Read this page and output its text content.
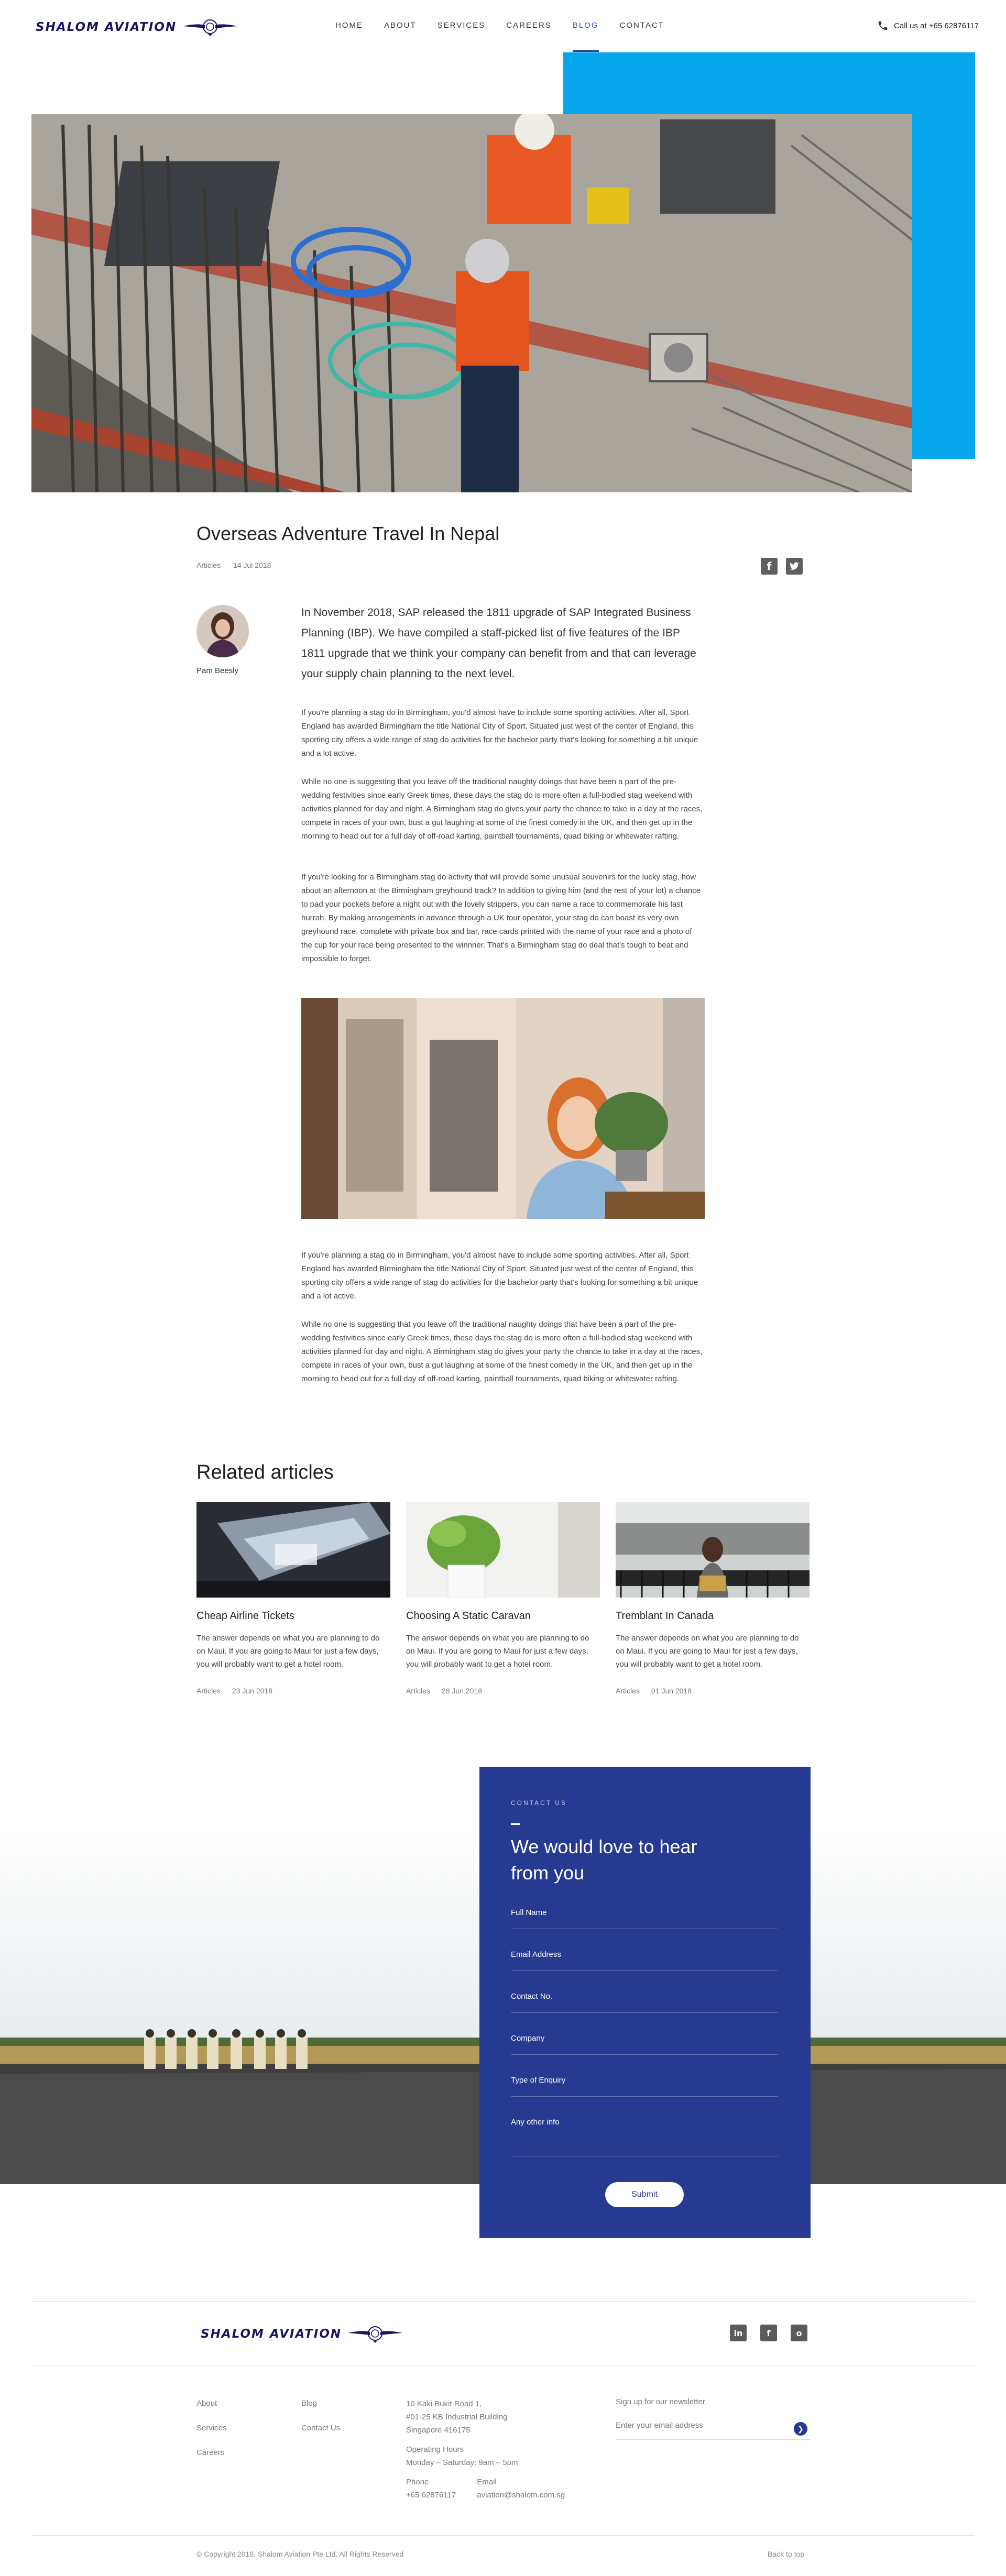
SHALOM AVIATION	HOME	ABOUT	SERVICES	CAREERS	BLOG	CONTACT	Call us at +65 62876117
Overseas Adventure Travel In Nepal
Articles 14 Jul 2018	f
Pam Beesly

In November 2018, SAP released the 1811 upgrade of SAP Integrated Business Planning (IBP). We have compiled a staff-picked list of five features of the IBP 1811 upgrade that we think your company can benefit from and that can leverage your supply chain planning to the next level.

If you're planning a stag do in Birmingham, you'd almost have to include some sporting activities. After all, Sport England has awarded Birmingham the title National City of Sport. Situated just west of the center of England, this sporting city offers a wide range of stag do activities for the bachelor party that's looking for something a bit unique and a lot active.

While no one is suggesting that you leave off the traditional naughty doings that have been a part of the pre-wedding festivities since early Greek times, these days the stag do is more often a full-bodied stag weekend with activities planned for day and night. A Birmingham stag do gives your party the chance to take in a day at the races, compete in races of your own, bust a gut laughing at some of the finest comedy in the UK, and then get up in the morning to head out for a full day of off-road karting, paintball tournaments, quad biking or whitewater rafting.

If you're looking for a Birmingham stag do activity that will provide some unusual souvenirs for the lucky stag, how about an afternoon at the Birmingham greyhound track? In addition to giving him (and the rest of your lot) a chance to pad your pockets before a night out with the lovely strippers, you can name a race to commemorate his last hurrah. By making arrangements in advance through a UK tour operator, your stag do can boast its very own greyhound race, complete with private box and bar, race cards printed with the name of your race and a photo of the cup for your race being presented to the winnner. That's a Birmingham stag do deal that's tough to beat and impossible to forget.

If you're planning a stag do in Birmingham, you'd almost have to include some sporting activities. After all, Sport England has awarded Birmingham the title National City of Sport. Situated just west of the center of England, this sporting city offers a wide range of stag do activities for the bachelor party that's looking for something a bit unique and a lot active.

While no one is suggesting that you leave off the traditional naughty doings that have been a part of the pre-wedding festivities since early Greek times, these days the stag do is more often a full-bodied stag weekend with activities planned for day and night. A Birmingham stag do gives your party the chance to take in a day at the races, compete in races of your own, bust a gut laughing at some of the finest comedy in the UK, and then get up in the morning to head out for a full day of off-road karting, paintball tournaments, quad biking or whitewater rafting.

Related articles
Cheap Airline Tickets
The answer depends on what you are planning to do on Maui. If you are going to Maui for just a few days, you will probably want to get a hotel room.
Articles 23 Jun 2018
Choosing A Static Caravan
The answer depends on what you are planning to do on Maui. If you are going to Maui for just a few days, you will probably want to get a hotel room.
Articles 28 Jun 2018
Tremblant In Canada
The answer depends on what you are planning to do on Maui. If you are going to Maui for just a few days, you will probably want to get a hotel room.
Articles 01 Jun 2018
CONTACT US
We would love to hear from you
Full Name
Email Address
Contact No.
Company
Type of Enquiry
Any other info
Submit
SHALOM AVIATION	in	f	o
About
Services
Careers
Blog
Contact Us
10 Kaki Bukit Road 1,
#01-25 KB Industrial Building
Singapore 416175
Operating Hours
Monday – Saturday: 9am – 5pm
Phone
+65 62876117
Email
aviation@shalom.com.sg
Sign up for our newsletter
Enter your email address	❯
© Copyright 2018, Shalom Aviation Pte Ltd. All Rights Reserved	Back to top
